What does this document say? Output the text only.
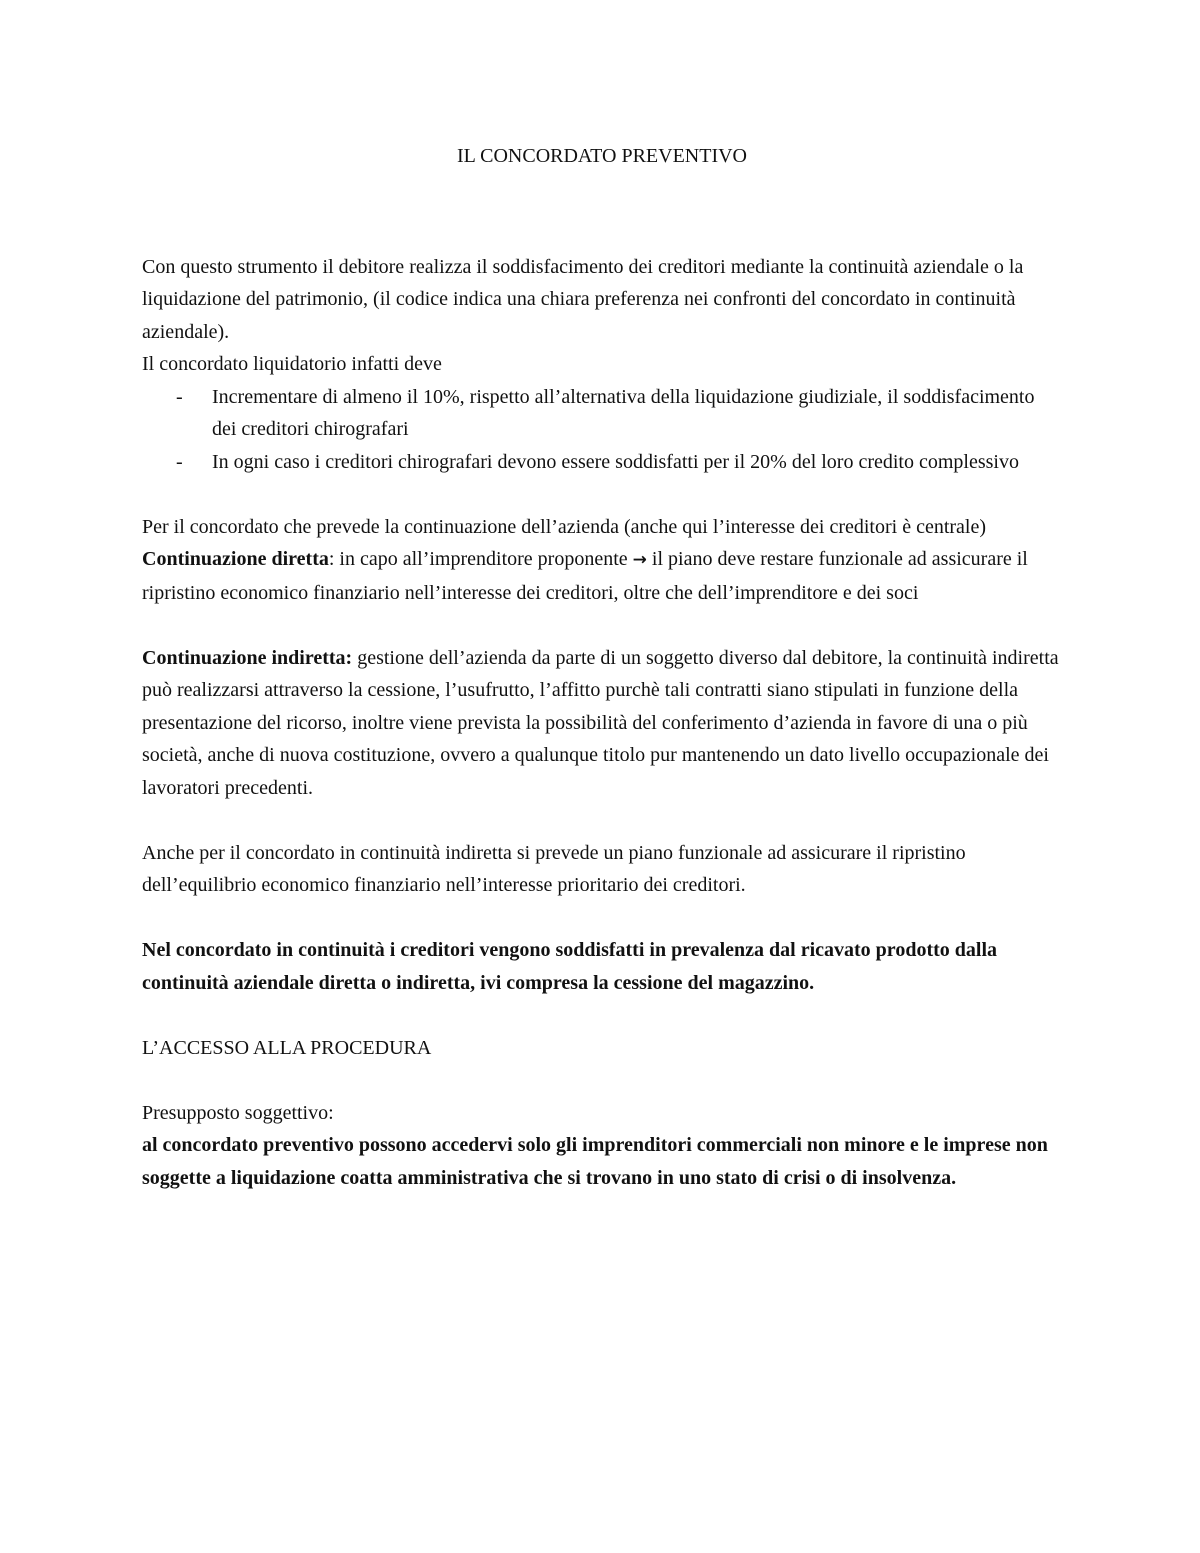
IL CONCORDATO PREVENTIVO

Con questo strumento il debitore realizza il soddisfacimento dei creditori mediante la continuità aziendale o la liquidazione del patrimonio, (il codice indica una chiara preferenza nei confronti del concordato in continuità aziendale).

Il concordato liquidatorio infatti deve

- Incrementare di almeno il 10%, rispetto all’alternativa della liquidazione giudiziale, il soddisfacimento dei creditori chirografari
- In ogni caso i creditori chirografari devono essere soddisfatti per il 20% del loro credito complessivo

Per il concordato che prevede la continuazione dell’azienda (anche qui l’interesse dei creditori è centrale)

Continuazione diretta: in capo all’imprenditore proponente → il piano deve restare funzionale ad assicurare il ripristino economico finanziario nell’interesse dei creditori, oltre che dell’imprenditore e dei soci

Continuazione indiretta: gestione dell’azienda da parte di un soggetto diverso dal debitore, la continuità indiretta può realizzarsi attraverso la cessione, l’usufrutto, l’affitto purchè tali contratti siano stipulati in funzione della presentazione del ricorso, inoltre viene prevista la possibilità del conferimento d’azienda in favore di una o più società, anche di nuova costituzione, ovvero a qualunque titolo pur mantenendo un dato livello occupazionale dei lavoratori precedenti.

Anche per il concordato in continuità indiretta si prevede un piano funzionale ad assicurare il ripristino dell’equilibrio economico finanziario nell’interesse prioritario dei creditori.

Nel concordato in continuità i creditori vengono soddisfatti in prevalenza dal ricavato prodotto dalla continuità aziendale diretta o indiretta, ivi compresa la cessione del magazzino.

L’ACCESSO ALLA PROCEDURA

Presupposto soggettivo:

al concordato preventivo possono accedervi solo gli imprenditori commerciali non minore e le imprese non soggette a liquidazione coatta amministrativa che si trovano in uno stato di crisi o di insolvenza.
